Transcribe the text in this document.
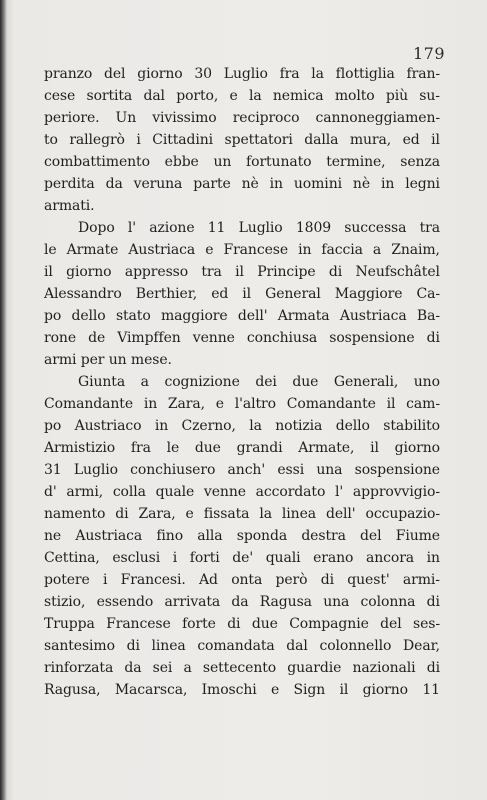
179
pranzo del giorno 30 Luglio fra la flottiglia fran-
cese sortita dal porto, e la nemica molto più su-
periore. Un vivissimo reciproco cannoneggiamen-
to rallegrò i Cittadini spettatori dalla mura, ed il
combattimento ebbe un fortunato termine, senza
perdita da veruna parte nè in uomini nè in legni
armati.
Dopo l' azione 11 Luglio 1809 successa tra
le Armate Austriaca e Francese in faccia a Znaim,
il giorno appresso tra il Principe di Neufschâtel
Alessandro Berthier, ed il General Maggiore Ca-
po dello stato maggiore dell' Armata Austriaca Ba-
rone de Vimpffen venne conchiusa sospensione di
armi per un mese.
Giunta a cognizione dei due Generali, uno
Comandante in Zara, e l'altro Comandante il cam-
po Austriaco in Czerno, la notizia dello stabilito
Armistizio fra le due grandi Armate, il giorno
31 Luglio conchiusero anch' essi una sospensione
d' armi, colla quale venne accordato l' approvvigio-
namento di Zara, e fissata la linea dell' occupazio-
ne Austriaca fino alla sponda destra del Fiume
Cettina, esclusi i forti de' quali erano ancora in
potere i Francesi. Ad onta però di quest' armi-
stizio, essendo arrivata da Ragusa una colonna di
Truppa Francese forte di due Compagnie del ses-
santesimo di linea comandata dal colonnello Dear,
rinforzata da sei a settecento guardie nazionali di
Ragusa, Macarsca, Imoschi e Sign il giorno 11
